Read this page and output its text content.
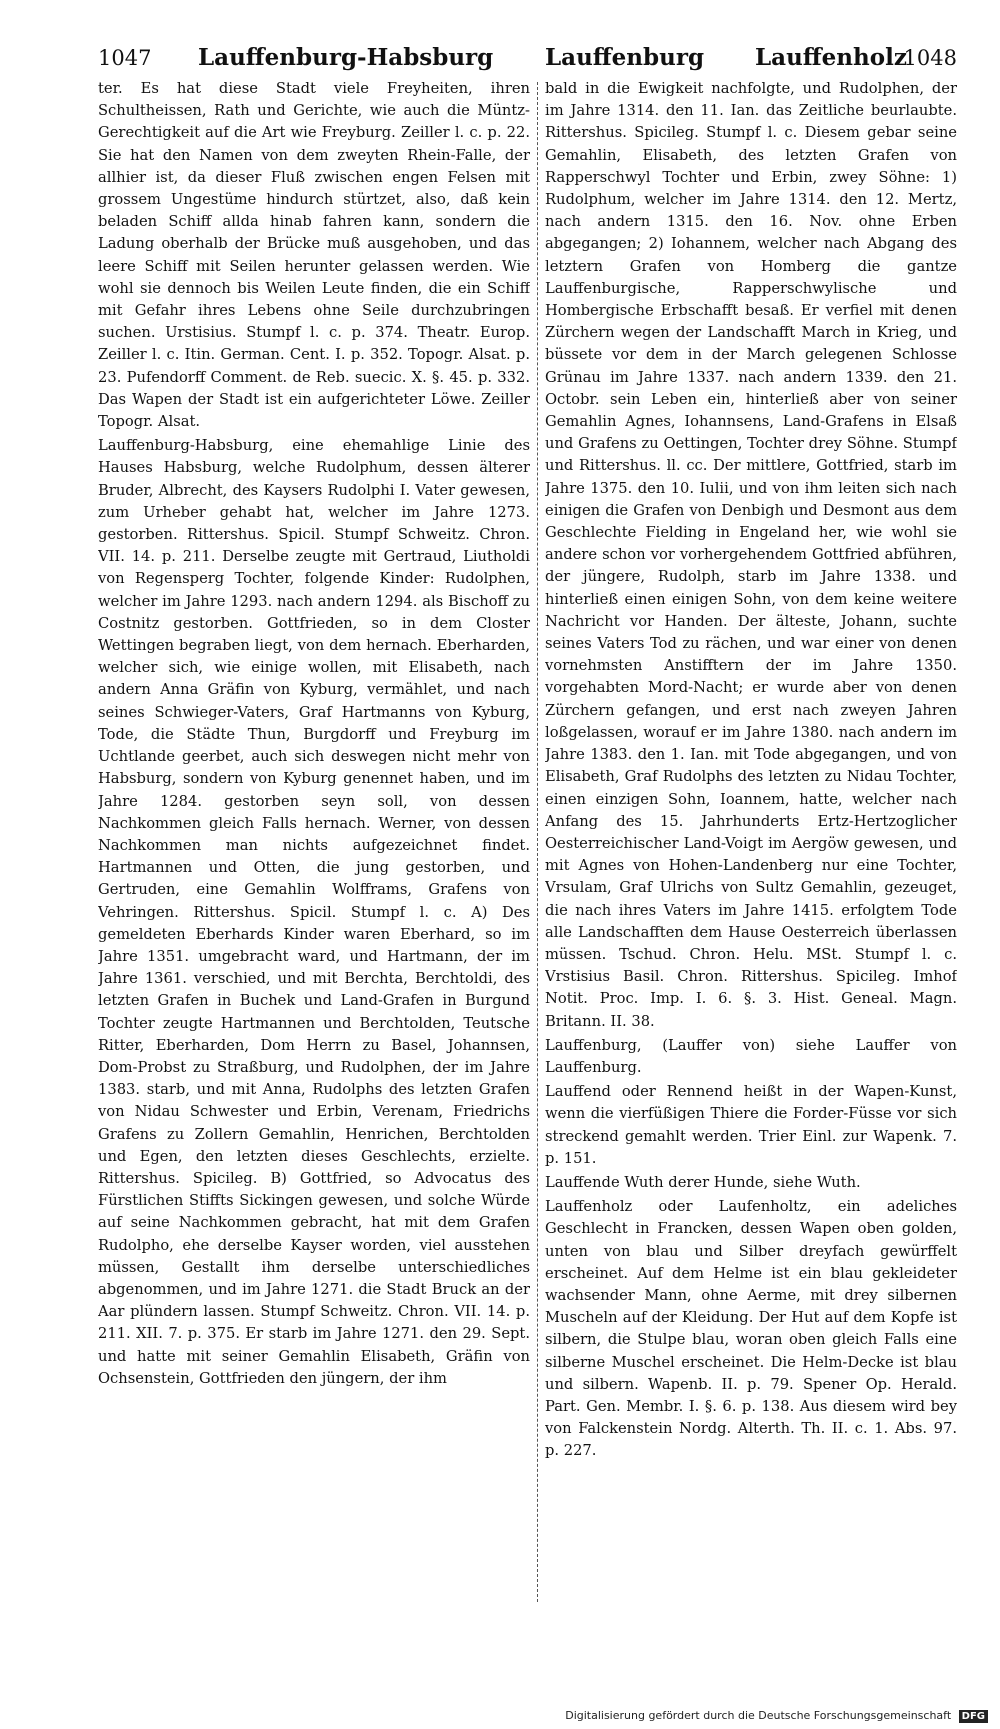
1047 Lauffenburg-Habsburg Lauffenburg Lauffenholz
1048

ter. Es hat diese Stadt viele Freyheiten, ihren Schultheissen, Rath und Gerichte, wie auch die Müntz-Gerechtigkeit auf die Art wie Freyburg. Zeiller l. c. p. 22. Sie hat den Namen von dem zweyten Rhein-Falle, der allhier ist, da dieser Fluß zwischen engen Felsen mit grossem Ungestüme hindurch stürtzet, also, daß kein beladen Schiff allda hinab fahren kann, sondern die Ladung oberhalb der Brücke muß ausgehoben, und das leere Schiff mit Seilen herunter gelassen werden. Wie wohl sie dennoch bis Weilen Leute finden, die ein Schiff mit Gefahr ihres Lebens ohne Seile durchzubringen suchen. Urstisius. Stumpf l. c. p. 374. Theatr. Europ. Zeiller l. c. Itin. German. Cent. I. p. 352. Topogr. Alsat. p. 23. Pufendorff Comment. de Reb. suecic. X. §. 45. p. 332. Das Wapen der Stadt ist ein aufgerichteter Löwe. Zeiller Topogr. Alsat.

Lauffenburg-Habsburg, eine ehemahlige Linie des Hauses Habsburg, welche Rudolphum, dessen älterer Bruder, Albrecht, des Kaysers Rudolphi I. Vater gewesen, zum Urheber gehabt hat, welcher im Jahre 1273. gestorben. Rittershus. Spicil. Stumpf Schweitz. Chron. VII. 14. p. 211. Derselbe zeugte mit Gertraud, Liutholdi von Regensperg Tochter, folgende Kinder: Rudolphen, welcher im Jahre 1293. nach andern 1294. als Bischoff zu Costnitz gestorben. Gottfrieden, so in dem Closter Wettingen begraben liegt, von dem hernach. Eberharden, welcher sich, wie einige wollen, mit Elisabeth, nach andern Anna Gräfin von Kyburg, vermählet, und nach seines Schwieger-Vaters, Graf Hartmanns von Kyburg, Tode, die Städte Thun, Burgdorff und Freyburg im Uchtlande geerbet, auch sich deswegen nicht mehr von Habsburg, sondern von Kyburg genennet haben, und im Jahre 1284. gestorben seyn soll, von dessen Nachkommen gleich Falls hernach. Werner, von dessen Nachkommen man nichts aufgezeichnet findet. Hartmannen und Otten, die jung gestorben, und Gertruden, eine Gemahlin Wolfframs, Grafens von Vehringen. Rittershus. Spicil. Stumpf l. c. A) Des gemeldeten Eberhards Kinder waren Eberhard, so im Jahre 1351. umgebracht ward, und Hartmann, der im Jahre 1361. verschied, und mit Berchta, Berchtoldi, des letzten Grafen in Buchek und Land-Grafen in Burgund Tochter zeugte Hartmannen und Berchtolden, Teutsche Ritter, Eberharden, Dom Herrn zu Basel, Johannsen, Dom-Probst zu Straßburg, und Rudolphen, der im Jahre 1383. starb, und mit Anna, Rudolphs des letzten Grafen von Nidau Schwester und Erbin, Verenam, Friedrichs Grafens zu Zollern Gemahlin, Henrichen, Berchtolden und Egen, den letzten dieses Geschlechts, erzielte. Rittershus. Spicileg. B) Gottfried, so Advocatus des Fürstlichen Stiffts Sickingen gewesen, und solche Würde auf seine Nachkommen gebracht, hat mit dem Grafen Rudolpho, ehe derselbe Kayser worden, viel ausstehen müssen, Gestallt ihm derselbe unterschiedliches abgenommen, und im Jahre 1271. die Stadt Bruck an der Aar plündern lassen. Stumpf Schweitz. Chron. VII. 14. p. 211. XII. 7. p. 375. Er starb im Jahre 1271. den 29. Sept. und hatte mit seiner Gemahlin Elisabeth, Gräfin von Ochsenstein, Gottfrieden den jüngern, der ihm

bald in die Ewigkeit nachfolgte, und Rudolphen, der im Jahre 1314. den 11. Ian. das Zeitliche beurlaubte. Rittershus. Spicileg. Stumpf l. c. Diesem gebar seine Gemahlin, Elisabeth, des letzten Grafen von Rapperschwyl Tochter und Erbin, zwey Söhne: 1) Rudolphum, welcher im Jahre 1314. den 12. Mertz, nach andern 1315. den 16. Nov. ohne Erben abgegangen; 2) Iohannem, welcher nach Abgang des letztern Grafen von Homberg die gantze Lauffenburgische, Rapperschwylische und Hombergische Erbschafft besaß. Er verfiel mit denen Zürchern wegen der Landschafft March in Krieg, und büssete vor dem in der March gelegenen Schlosse Grünau im Jahre 1337. nach andern 1339. den 21. Octobr. sein Leben ein, hinterließ aber von seiner Gemahlin Agnes, Iohannsens, Land-Grafens in Elsaß und Grafens zu Oettingen, Tochter drey Söhne. Stumpf und Rittershus. ll. cc. Der mittlere, Gottfried, starb im Jahre 1375. den 10. Iulii, und von ihm leiten sich nach einigen die Grafen von Denbigh und Desmont aus dem Geschlechte Fielding in Engeland her, wie wohl sie andere schon vor vorhergehendem Gottfried abführen, der jüngere, Rudolph, starb im Jahre 1338. und hinterließ einen einigen Sohn, von dem keine weitere Nachricht vor Handen. Der älteste, Johann, suchte seines Vaters Tod zu rächen, und war einer von denen vornehmsten Anstifftern der im Jahre 1350. vorgehabten Mord-Nacht; er wurde aber von denen Zürchern gefangen, und erst nach zweyen Jahren loßgelassen, worauf er im Jahre 1380. nach andern im Jahre 1383. den 1. Ian. mit Tode abgegangen, und von Elisabeth, Graf Rudolphs des letzten zu Nidau Tochter, einen einzigen Sohn, Ioannem, hatte, welcher nach Anfang des 15. Jahrhunderts Ertz-Hertzoglicher Oesterreichischer Land-Voigt im Aergöw gewesen, und mit Agnes von Hohen-Landenberg nur eine Tochter, Vrsulam, Graf Ulrichs von Sultz Gemahlin, gezeuget, die nach ihres Vaters im Jahre 1415. erfolgtem Tode alle Landschafften dem Hause Oesterreich überlassen müssen. Tschud. Chron. Helu. MSt. Stumpf l. c. Vrstisius Basil. Chron. Rittershus. Spicileg. Imhof Notit. Proc. Imp. I. 6. §. 3. Hist. Geneal. Magn. Britann. II. 38.

Lauffenburg, (Lauffer von) siehe Lauffer von Lauffenburg.

Lauffend oder Rennend heißt in der Wapen-Kunst, wenn die vierfüßigen Thiere die Forder-Füsse vor sich streckend gemahlt werden. Trier Einl. zur Wapenk. 7. p. 151.

Lauffende Wuth derer Hunde, siehe Wuth.

Lauffenholz oder Laufenholtz, ein adeliches Geschlecht in Francken, dessen Wapen oben golden, unten von blau und Silber dreyfach gewürffelt erscheinet. Auf dem Helme ist ein blau gekleideter wachsender Mann, ohne Aerme, mit drey silbernen Muscheln auf der Kleidung. Der Hut auf dem Kopfe ist silbern, die Stulpe blau, woran oben gleich Falls eine silberne Muschel erscheinet. Die Helm-Decke ist blau und silbern. Wapenb. II. p. 79. Spener Op. Herald. Part. Gen. Membr. I. §. 6. p. 138. Aus diesem wird bey von Falckenstein Nordg. Alterth. Th. II. c. 1. Abs. 97. p. 227.

Digitalisierung gefördert durch die Deutsche Forschungsgemeinschaft DFG
